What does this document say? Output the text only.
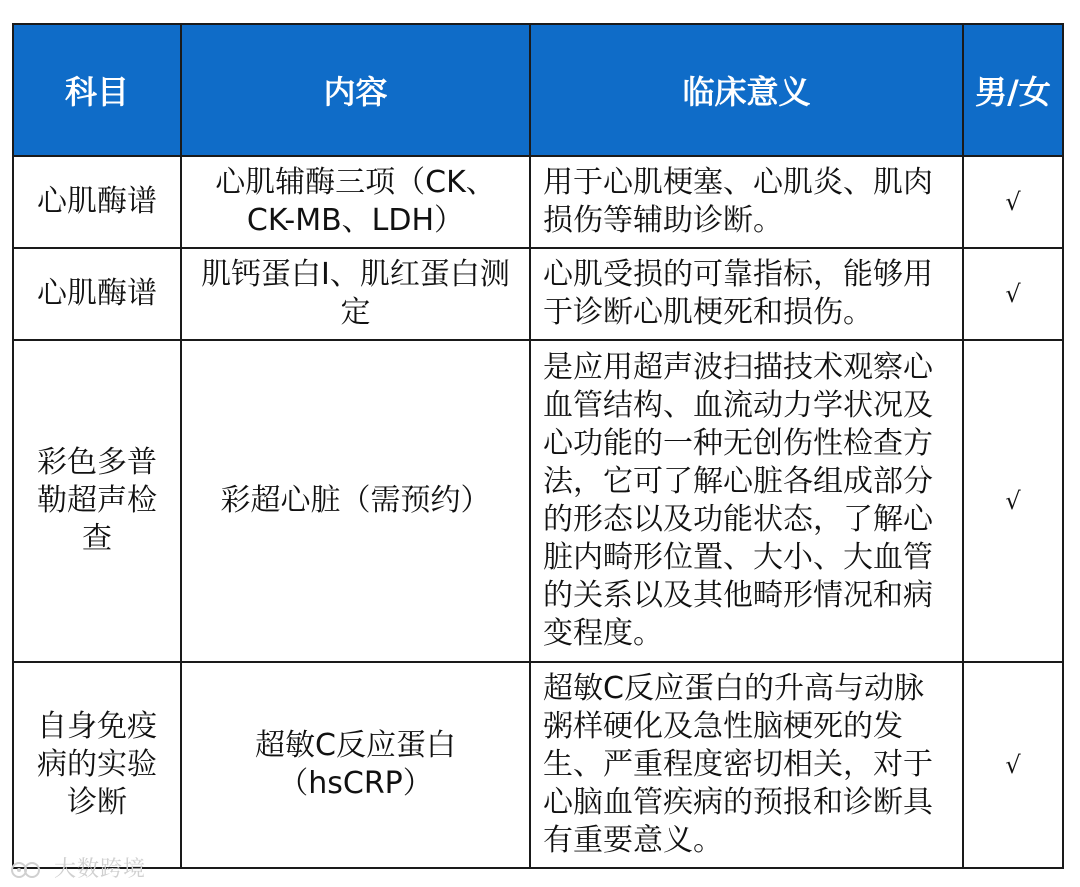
科目	内容	临床意义	男/女
心肌酶谱	心肌辅酶三项（CK、CK-MB、LDH）	用于心肌梗塞、心肌炎、肌肉损伤等辅助诊断。	√
心肌酶谱	肌钙蛋白I、肌红蛋白测定	心肌受损的可靠指标，能够用于诊断心肌梗死和损伤。	√
彩色多普勒超声检查	彩超心脏（需预约）	是应用超声波扫描技术观察心血管结构、血流动力学状况及心功能的一种无创伤性检查方法，它可了解心脏各组成部分的形态以及功能状态，了解心脏内畸形位置、大小、大血管的关系以及其他畸形情况和病变程度。	√
自身免疫病的实验诊断	超敏C反应蛋白（hsCRP）	超敏C反应蛋白的升高与动脉粥样硬化及急性脑梗死的发生、严重程度密切相关，对于心脑血管疾病的预报和诊断具有重要意义。	√
大数跨境
